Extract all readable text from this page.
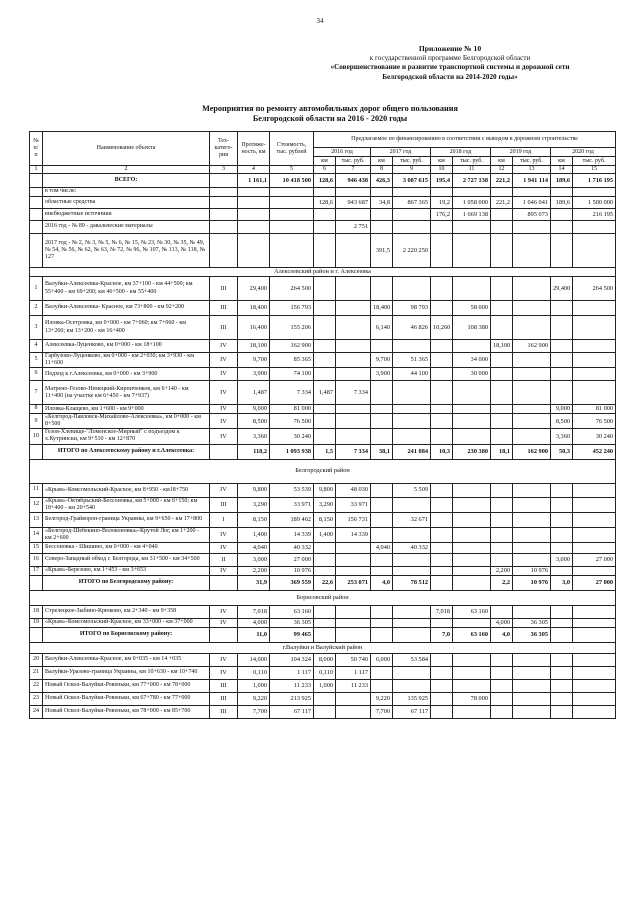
34
Приложение № 10
к государственной программе Белгородской области
«Совершенствование и развитие транспортной системы и дорожной сети
Белгородской области на 2014-2020 годы»
Мероприятия по ремонту автомобильных дорог общего пользования
Белгородской области на 2016 - 2020 годы
№ п/п	Наименование объекта	Тех-катего-рия	Протяже-ность, км	Стоимость, тыс. рублей	Предлагаемое по финансированию в соответствии с выводом в дорожном строительстве									
					2016 год		2017 год		2018 год		2019 год		2020 год	
					км	тыс. руб.	км	тыс. руб.	км	тыс. руб.	км	тыс. руб.	км	тыс. руб.
1	2	3	4	5	6	7	8	9	10	11	12	13	14	15
	ВСЕГО:		1 161,1	10 418 500	128,6	946 438	426,3	3 087 615	195,4	2 727 138	221,2	1 941 114	189,6	1 716 195
	в том числе:													
	областные средства				128,6	943 687	34,8	867 365	19,2	1 058 000	221,2	1 046 041	189,6	1 500 000
	внебюджетные источники								176,2	1 669 138		895 073		216 195
	2016 год - № 89 - давальческие материалы					2 751								
	2017 год - № 2, № 3, № 5, № 6, № 15, № 23, № 30, № 35, № 49, № 54, № 56, № 62, № 63, № 72, № 96, № 107, № 113, № 118, № 127						391,5	2 220 250						
Алексеевский район и г. Алексеевка														
1	Валуйки-Алексеевка-Красное, км 37+100 - км 44+500; км 55+400 - км 69+200; км 46+500 - км 55+400	III	29,400	264 500									29,400	264 500
2	Валуйки-Алексеевка- Красное, км 73+800 - км 92+200	III	18,400	156 793			18,400	98 793		58 000				
3	Иловка-Осетровка, км 0+000 - км 7+060; км 7+060 - км 13+260; км 13+200 - км 16+400	III	16,400	155 206			6,140	46 826	10,260	108 380				
4	Алексеевка-Луценково, км 0+000 - км 18+100	IV	18,100	162 900							18,100	162 900		
5	Гарбузово-Луценково, км 0+000 - км 2+030; км 3+930 - км 11+600	IV	9,700	85 365			9,700	51 365		34 000				
6	Подход к г.Алексеевка, км 0+000 - км 3+900	IV	3,900	74 100			3,900	44 100		30 000				
7	Матрено-Гезово-Немецкий-Кирпиченков, км 6+140 - км 11+490 (на участке км 6+450 - км 7+937)	IV	1,487	7 334	1,487	7 334								
8	Иловка-Клащево, км 1+600 - км 9+000	IV	9,000	81 000									9,000	81 000
9	«Белгород-Павловск-Михайлово-Алексеевка», км 0+000 - км 8+500	IV	8,500	76 500									8,500	76 500
10	Гезов-Хлевище-"Ломенское-Мирный" с подъездом к х.Кутрински, км 9+510 - км 12+870	IV	3,360	30 240									3,360	30 240
	ИТОГО по Алексеевскому району и г.Алексеевка:		118,2	1 093 938	1,5	7 334	38,1	241 084	10,3	230 380	18,1	162 900	50,3	452 240
Белгородский район														
11	«Крым»-Комсомольский-Красное, км 8+950 - км18+750	IV	9,800	53 539	9,800	48 030		5 509						
12	«Крым»-Октябрьский-Бессоновка, км 5+000 - км 6+150; км 18+400 - км 20+540	III	3,290	33 971	3,290	33 971								
13	Белгород-Грайворон-граница Украины, км 9+650 - км 17+800	I	8,150	189 402	8,150	156 731		32 671						
14	«Белгород-Шебекино-Волоконовка»-Крутой Лог, км 1+200 - км 2+600	IV	1,400	14 339	1,400	14 339								
15	Бессоновка - Шишино, км 0+000 - км 4+040	IV	4,040	40 332			4,040	40 332						
16	Северо-Западный обход г. Белгорода, км 31+500 - км 34+500	II	3,000	27 000									3,000	27 000
17	«Крым»-Березово, км 1+453 - км 3+653	IV	2,200	10 976							2,200	10 976		
	ИТОГО по Белгородскому району:		31,9	369 559	22,6	253 071	4,0	78 512			2,2	10 976	3,0	27 000
Борисовский район														
18	Стрелецкое-Зыбино-Крюково, км 2+340 - км 9+358	IV	7,018	63 160					7,018	63 160				
19	«Крым»-Комсомольский-Красное, км 33+000 - км 37+000	IV	4,000	36 305							4,000	36 305		
	ИТОГО по Борисовскому району:		11,0	99 465					7,0	63 160	4,0	36 305		
г.Валуйки и Валуйский район														
20	Валуйки-Алексеевка-Красное, км 0+035 - км 14 +035	IV	14,000	104 324	8,000	50 740	6,000	53 584						
21	Валуйки-Уразово-граница Украины, км 10+630 - км 10+740	IV	0,110	1 117	0,110	1 117								
22	Новый Оскол-Валуйки-Ровеньки, км 77+000 - км 78+000	III	1,000	11 233	1,000	11 233								
23	Новый Оскол-Валуйки-Ровеньки, км 67+780 - км 77+000	III	9,220	213 925			9,220	135 925		78 000				
24	Новый Оскол-Валуйки-Ровеньки, км 78+000 - км 85+700	III	7,700	67 117			7,700	67 117						
